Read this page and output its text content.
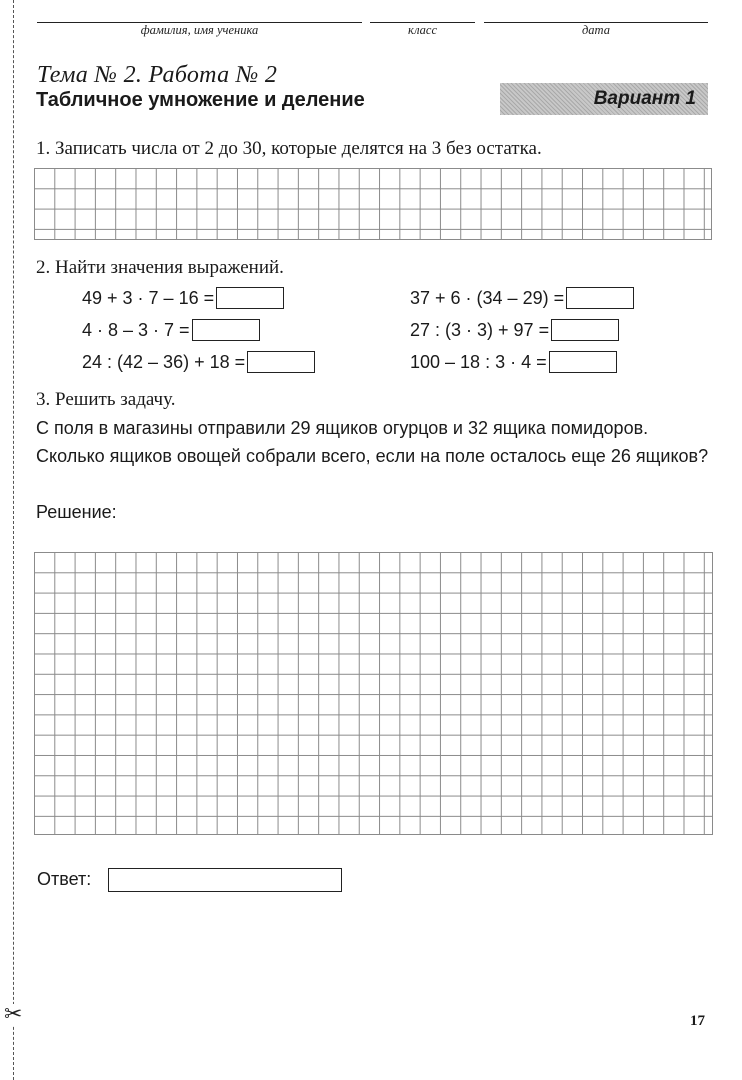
✂
фамилия, имя ученика	класс	дата
Тема № 2. Работа № 2
Табличное умножение и деление	Вариант 1
1. Записать числа от 2 до 30, которые делятся на 3 без остатка.
2. Найти значения выражений.
49 + 3 · 7 – 16 =
4 · 8 – 3 · 7 =
24 : (42 – 36) + 18 =
37 + 6 · (34 – 29) =
27 : (3 · 3) + 97 =
100 – 18 : 3 · 4 =
3. Решить задачу.
С поля в магазины отправили 29 ящиков огурцов и 32 ящика помидоров. Сколько ящиков овощей собрали всего, если на поле осталось еще 26 ящиков?
Решение:
Ответ:
17
